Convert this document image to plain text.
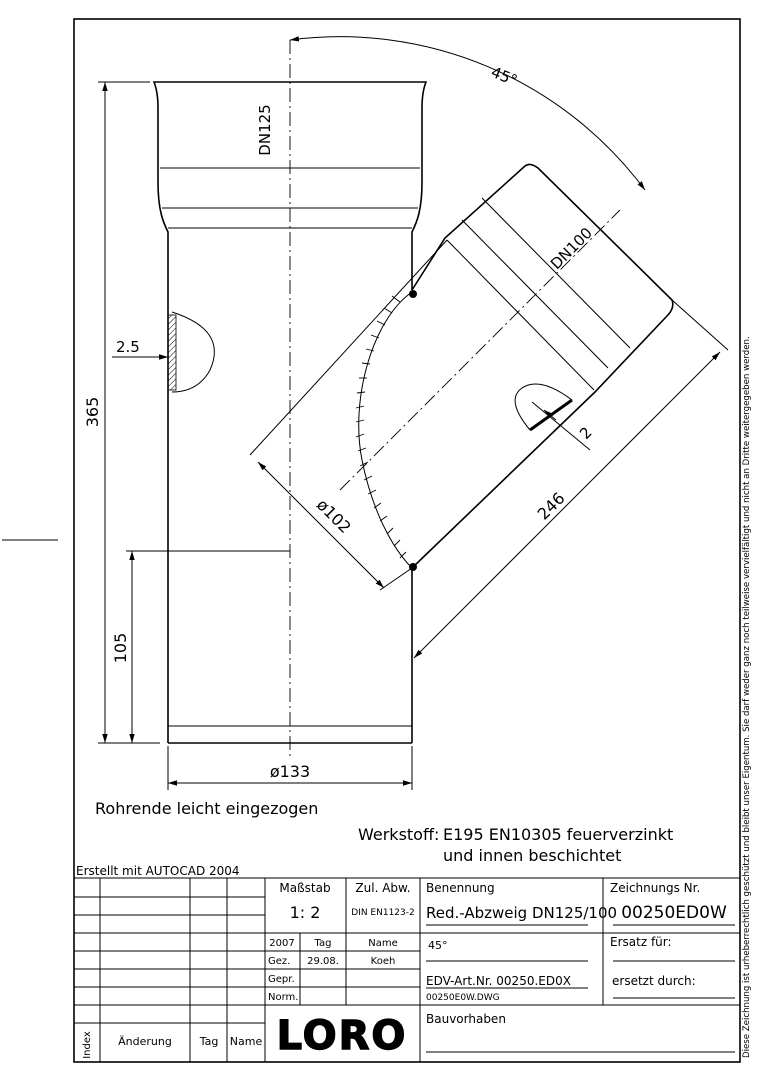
45°
365
105
2.5
DN125
DN100
ø133
ø102	246
2
Rohrende leicht eingezogen
Werkstoff: E195 EN10305 feuerverzinkt
und innen beschichtet
Erstellt mit AUTOCAD 2004
Index Änderung	Tag Name
Maßstab
1: 2
Zul. Abw.
DIN EN1123-2
2007 Tag	Name
Gez. 29.08.	Koeh
Gepr.
Norm.
LORO
Benennung
Red.-Abzweig DN125/100
45°
EDV-Art.Nr. 00250.ED0X
00250E0W.DWG
Zeichnungs Nr.
00250ED0W
Ersatz für:
ersetzt durch:
Bauvorhaben	Diese Zeichnung ist urheberrechtlich geschützt und bleibt unser Eigentum. Sie darf weder ganz noch teilweise vervielfältigt und nicht an Dritte weitergegeben werden.
